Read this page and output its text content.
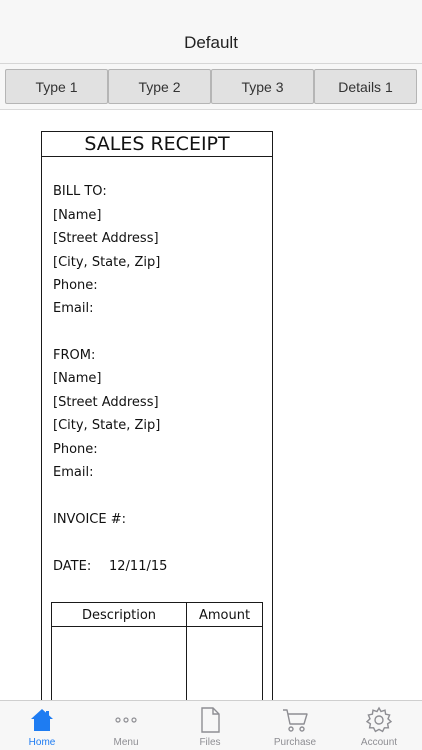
Default
Type 1	Type 2	Type 3	Details 1
SALES RECEIPT
BILL TO:
[Name]
[Street Address]
[City, State, Zip]
Phone:
Email:
FROM:
[Name]
[Street Address]
[City, State, Zip]
Phone:
Email:
INVOICE #:
DATE: 12/11/15
Description	Amount
Home	Menu	Files	Purchase	Account
